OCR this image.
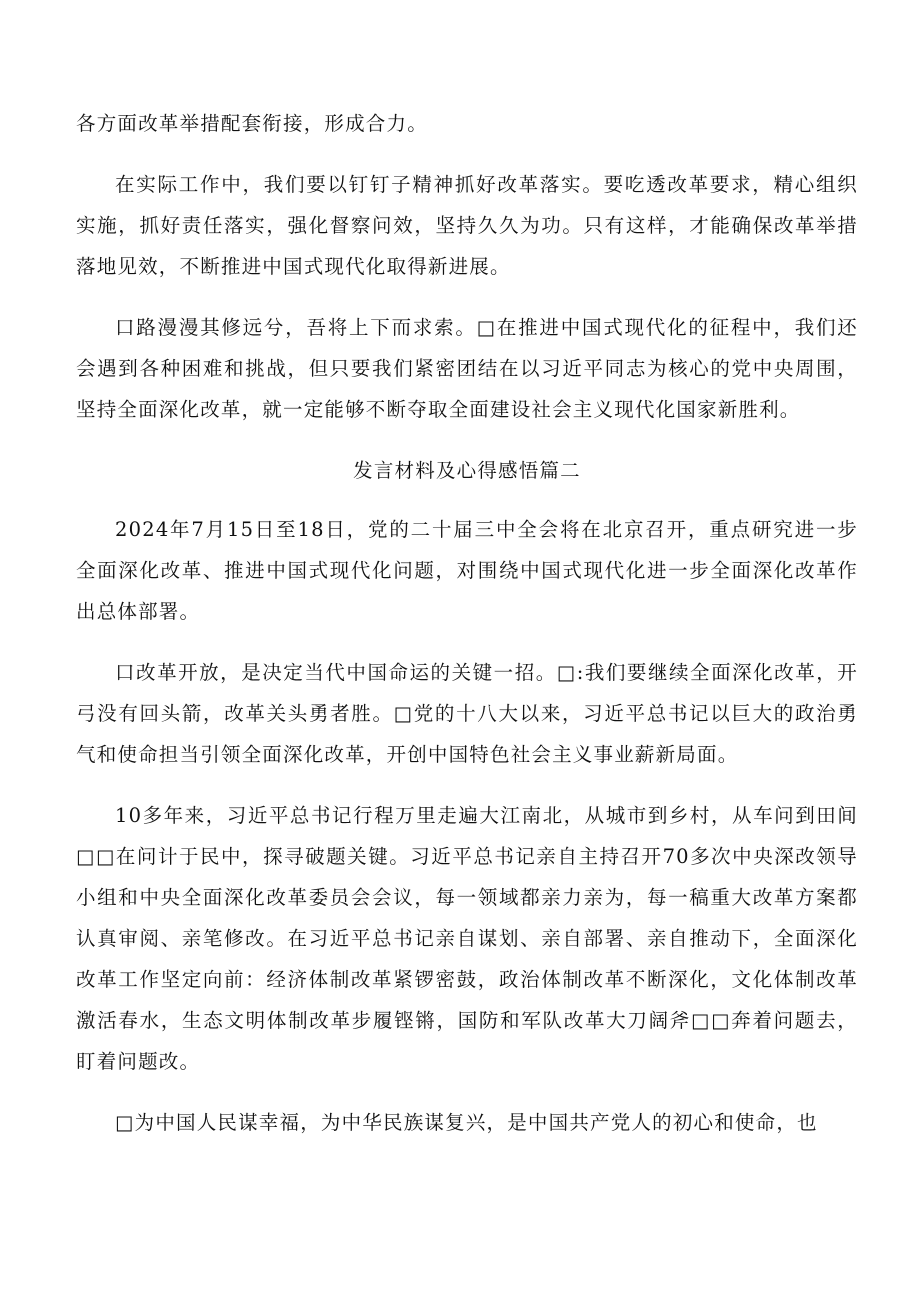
各方面改革举措配套衔接，形成合力。

在实际工作中，我们要以钉钉子精神抓好改革落实。要吃透改革要求，精心组织实施，抓好责任落实，强化督察问效，坚持久久为功。只有这样，才能确保改革举措落地见效，不断推进中国式现代化取得新进展。

口路漫漫其修远兮，吾将上下而求索。□在推进中国式现代化的征程中，我们还会遇到各种困难和挑战，但只要我们紧密团结在以习近平同志为核心的党中央周围，坚持全面深化改革，就一定能够不断夺取全面建设社会主义现代化国家新胜利。

发言材料及心得感悟篇二

2024年7月15日至18日，党的二十届三中全会将在北京召开，重点研究进一步全面深化改革、推进中国式现代化问题，对围绕中国式现代化进一步全面深化改革作出总体部署。

口改革开放，是决定当代中国命运的关键一招。□:我们要继续全面深化改革，开弓没有回头箭，改革关头勇者胜。□党的十八大以来，习近平总书记以巨大的政治勇气和使命担当引领全面深化改革，开创中国特色社会主义事业薪新局面。

10多年来，习近平总书记行程万里走遍大江南北，从城市到乡村，从车问到田间□□在问计于民中，探寻破题关键。习近平总书记亲自主持召开70多次中央深改领导小组和中央全面深化改革委员会会议，每一领域都亲力亲为，每一稿重大改革方案都认真审阅、亲笔修改。在习近平总书记亲自谋划、亲自部署、亲自推动下，全面深化改革工作坚定向前：经济体制改革紧锣密鼓，政治体制改革不断深化，文化体制改革激活春水，生态文明体制改革步履铿锵，国防和军队改革大刀阔斧□□奔着问题去，盯着问题改。

□为中国人民谋幸福，为中华民族谋复兴，是中国共产党人的初心和使命，也
